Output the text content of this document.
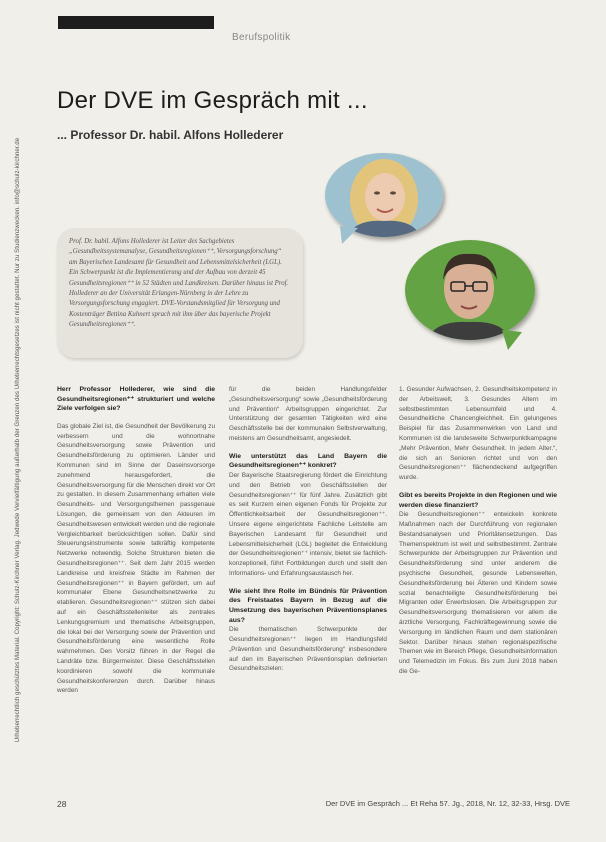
Berufspolitik
Urheberrechtlich geschütztes Material. Copyright: Schulz-Kirchner Verlag. Jedwede Vervielfältigung außerhalb der Grenzen des Urheberrechtsgesetzes ist nicht gestattet. Nur zu Studienzwecken. info@schulz-kirchner.de
Der DVE im Gespräch mit ...
... Professor Dr. habil. Alfons Hollederer

Prof. Dr. habil. Alfons Hollederer ist Leiter des Sachgebietes „Gesundheitssystemanalyse, Gesundheitsregionen⁺⁺, Versorgungsforschung“ am Bayerischen Landesamt für Gesundheit und Lebensmittelsicherheit (LGL). Ein Schwerpunkt ist die Implementierung und der Aufbau von derzeit 45 Gesundheitsregionen⁺⁺ in 52 Städten und Landkreisen. Darüber hinaus ist Prof. Hollederer an der Universität Erlangen-Nürnberg in der Lehre zu Versorgungsforschung engagiert. DVE-Vorstandsmitglied für Versorgung und Kostenträger Bettina Kuhnert sprach mit ihm über das bayerische Projekt Gesundheitsregionen⁺⁺.

Herr Professor Hollederer, wie sind die Gesundheitsregionen⁺⁺ strukturiert und welche Ziele verfolgen sie?

Das globale Ziel ist, die Gesundheit der Bevölkerung zu verbessern und die wohnortnahe Gesundheitsversorgung sowie Prävention und Gesundheitsförderung zu optimieren. Länder und Kommunen sind im Sinne der Daseinsvorsorge zunehmend herausgefordert, die Gesundheitsversorgung für die Menschen direkt vor Ort zu gestalten. In diesem Zusammenhang erhalten viele Gesundheits- und Versorgungsthemen passgenaue Lösungen, die gemeinsam von den Akteuren im Gesundheitswesen entwickelt werden und die regionale Vergleichbarkeit berücksichtigen sollen. Dafür sind Steuerungsinstrumente sowie tatkräftig kompetente Netzwerke notwendig. Solche Strukturen bieten die Gesundheitsregionen⁺⁺. Seit dem Jahr 2015 werden Landkreise und kreisfreie Städte im Rahmen der Gesundheitsregionen⁺⁺ in Bayern gefördert, um auf kommunaler Ebene Gesundheitsnetzwerke zu etablieren. Gesundheitsregionen⁺⁺ stützen sich dabei auf ein Geschäftsstellenleiter als zentrales Lenkungsgremium und thematische Arbeitsgruppen, die lokal bei der Versorgung sowie der Prävention und Gesundheitsförderung eine wesentliche Rolle wahrnehmen. Den Vorsitz führen in der Regel die Landräte bzw. Bürgermeister. Diese Geschäftsstellen koordinieren sowohl die kommunale Gesundheitskonferenzen durch. Darüber hinaus werden

für die beiden Handlungsfelder „Gesundheitsversorgung“ sowie „Gesundheitsförderung und Prävention“ Arbeitsgruppen eingerichtet. Zur Unterstützung der gesamten Tätigkeiten wird eine Geschäftsstelle bei der kommunalen Selbstverwaltung, meistens am Gesundheitsamt, angesiedelt.

Wie unterstützt das Land Bayern die Gesundheitsregionen⁺⁺ konkret?

Der Bayerische Staatsregierung fördert die Einrichtung und den Betrieb von Geschäftsstellen der Gesundheitsregionen⁺⁺ für fünf Jahre. Zusätzlich gibt es seit Kurzem einen eigenen Fonds für Projekte zur Öffentlichkeitsarbeit der Gesundheitsregionen⁺⁺. Unsere eigene eingerichtete Fachliche Leitstelle am Bayerischen Landesamt für Gesundheit und Lebensmittelsicherheit (LGL) begleitet die Entwicklung der Gesundheitsregionen⁺⁺ intensiv, bietet sie fachlich-konzeptionell, führt Fortbildungen durch und stellt den Informations- und Erfahrungsaustausch her.

Wie sieht Ihre Rolle im Bündnis für Prävention des Freistaates Bayern in Bezug auf die Umsetzung des bayerischen Präventionsplanes aus?

Die thematischen Schwerpunkte der Gesundheitsregionen⁺⁺ liegen im Handlungsfeld „Prävention und Gesundheitsförderung“ insbesondere auf den im Bayerischen Präventionsplan definierten Gesundheitszielen:

1. Gesunder Aufwachsen, 2. Gesundheitskompetenz in der Arbeitswelt, 3. Gesundes Altern im selbstbestimmten Lebensumfeld und 4. Gesundheitliche Chancengleichheit. Ein gelungenes Beispiel für das Zusammenwirken von Land und Kommunen ist die landesweite Schwerpunktkampagne „Mehr Prävention, Mehr Gesundheit. In jedem Alter.“, die sich an Senioren richtet und von den Gesundheitsregionen⁺⁺ flächendeckend aufgegriffen wurde.

Gibt es bereits Projekte in den Regionen und wie werden diese finanziert?

Die Gesundheitsregionen⁺⁺ entwickeln konkrete Maßnahmen nach der Durchführung von regionalen Bestandsanalysen und Prioritätensetzungen. Das Themenspektrum ist weit und selbstbestimmt. Zentrale Schwerpunkte der Arbeitsgruppen zur Prävention und Gesundheitsförderung sind unter anderem die psychische Gesundheit, gesunde Lebenswelten, Gesundheitsförderung bei Älteren und Kindern sowie sozial benachteiligte Gesundheitsförderung bei Migranten oder Erwerbslosen. Die Arbeitsgruppen zur Gesundheitsversorgung thematisieren vor allem die ärztliche Versorgung, Fachkräftegewinnung sowie die Versorgung im ländlichen Raum und dem stationären Sektor. Darüber hinaus stehen regionalspezifische Themen wie im Bereich Pflege, Gesundheitsinformation und Telemedizin im Fokus. Bis zum Juni 2018 haben die Ge-

28	Der DVE im Gespräch ... Et Reha 57. Jg., 2018, Nr. 12, 32-33, Hrsg. DVE
